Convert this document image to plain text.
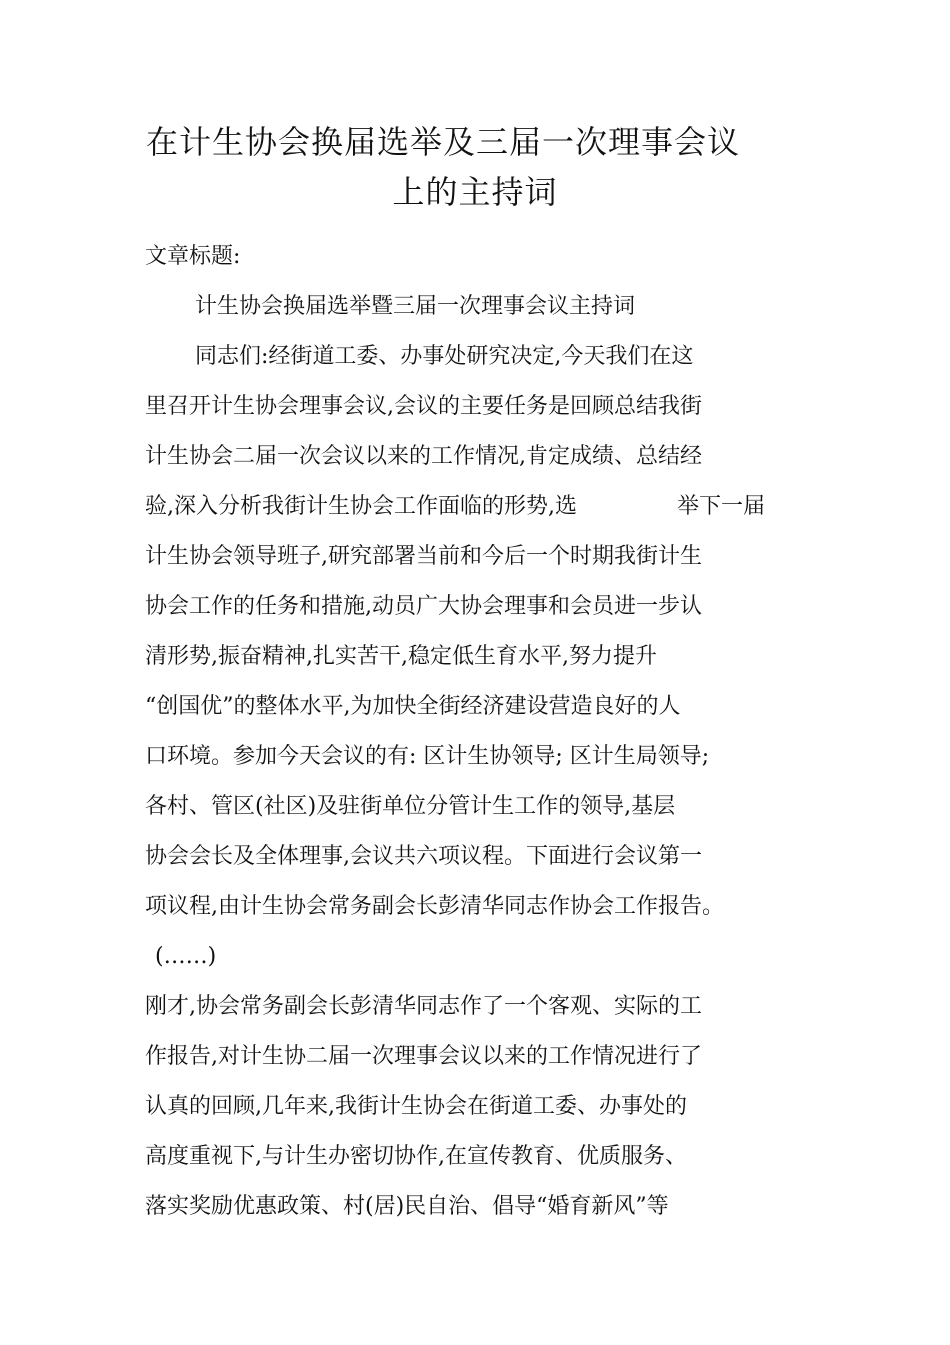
在计生协会换届选举及三届一次理事会议
上的主持词
文章标题:
计生协会换届选举暨三届一次理事会议主持词
同志们:经街道工委、办事处研究决定,今天我们在这
里召开计生协会理事会议,会议的主要任务是回顾总结我街
计生协会二届一次会议以来的工作情况,肯定成绩、总结经
验,深入分析我街计生协会工作面临的形势,选	举下一届
计生协会领导班子,研究部署当前和今后一个时期我街计生
协会工作的任务和措施,动员广大协会理事和会员进一步认
清形势,振奋精神,扎实苦干,稳定低生育水平,努力提升
“创国优”的整体水平,为加快全街经济建设营造良好的人
口环境。参加今天会议的有: 区计生协领导; 区计生局领导;
各村、管区(社区)及驻街单位分管计生工作的领导,基层
协会会长及全体理事,会议共六项议程。下面进行会议第一
项议程,由计生协会常务副会长彭清华同志作协会工作报告。
(……)
刚才,协会常务副会长彭清华同志作了一个客观、实际的工
作报告,对计生协二届一次理事会议以来的工作情况进行了
认真的回顾,几年来,我街计生协会在街道工委、办事处的
高度重视下,与计生办密切协作,在宣传教育、优质服务、
落实奖励优惠政策、村(居)民自治、倡导“婚育新风”等
